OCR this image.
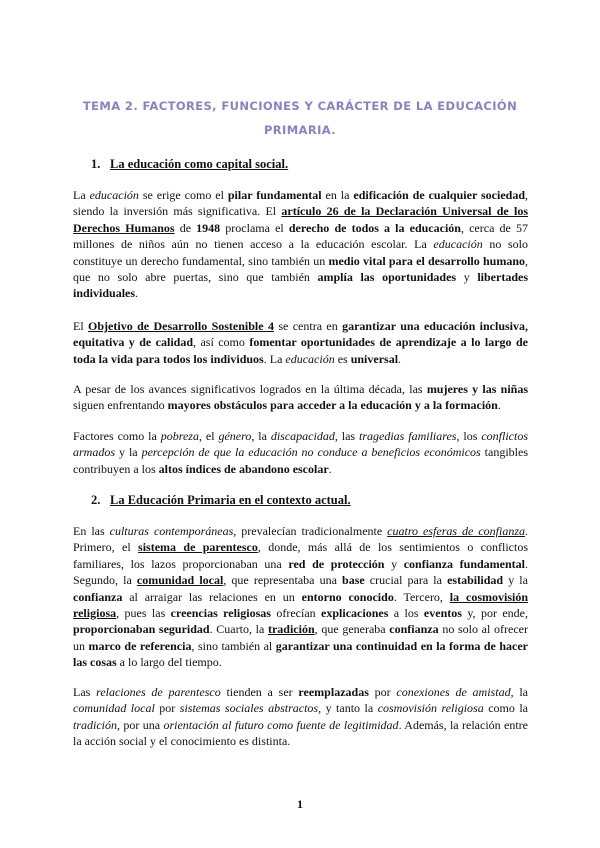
TEMA 2. FACTORES, FUNCIONES Y CARÁCTER DE LA EDUCACIÓN PRIMARIA.
1. La educación como capital social.

La educación se erige como el pilar fundamental en la edificación de cualquier sociedad, siendo la inversión más significativa. El artículo 26 de la Declaración Universal de los Derechos Humanos de 1948 proclama el derecho de todos a la educación, cerca de 57 millones de niños aún no tienen acceso a la educación escolar. La educación no solo constituye un derecho fundamental, sino también un medio vital para el desarrollo humano, que no solo abre puertas, sino que también amplía las oportunidades y libertades individuales.

El Objetivo de Desarrollo Sostenible 4 se centra en garantizar una educación inclusiva, equitativa y de calidad, así como fomentar oportunidades de aprendizaje a lo largo de toda la vida para todos los individuos. La educación es universal.

A pesar de los avances significativos logrados en la última década, las mujeres y las niñas siguen enfrentando mayores obstáculos para acceder a la educación y a la formación.

Factores como la pobreza, el género, la discapacidad, las tragedias familiares, los conflictos armados y la percepción de que la educación no conduce a beneficios económicos tangibles contribuyen a los altos índices de abandono escolar.

2. La Educación Primaria en el contexto actual.

En las culturas contemporáneas, prevalecían tradicionalmente cuatro esferas de confianza. Primero, el sistema de parentesco, donde, más allá de los sentimientos o conflictos familiares, los lazos proporcionaban una red de protección y confianza fundamental. Segundo, la comunidad local, que representaba una base crucial para la estabilidad y la confianza al arraigar las relaciones en un entorno conocido. Tercero, la cosmovisión religiosa, pues las creencias religiosas ofrecían explicaciones a los eventos y, por ende, proporcionaban seguridad. Cuarto, la tradición, que generaba confianza no solo al ofrecer un marco de referencia, sino también al garantizar una continuidad en la forma de hacer las cosas a lo largo del tiempo.

Las relaciones de parentesco tienden a ser reemplazadas por conexiones de amistad, la comunidad local por sistemas sociales abstractos, y tanto la cosmovisión religiosa como la tradición, por una orientación al futuro como fuente de legitimidad. Además, la relación entre la acción social y el conocimiento es distinta.

1
